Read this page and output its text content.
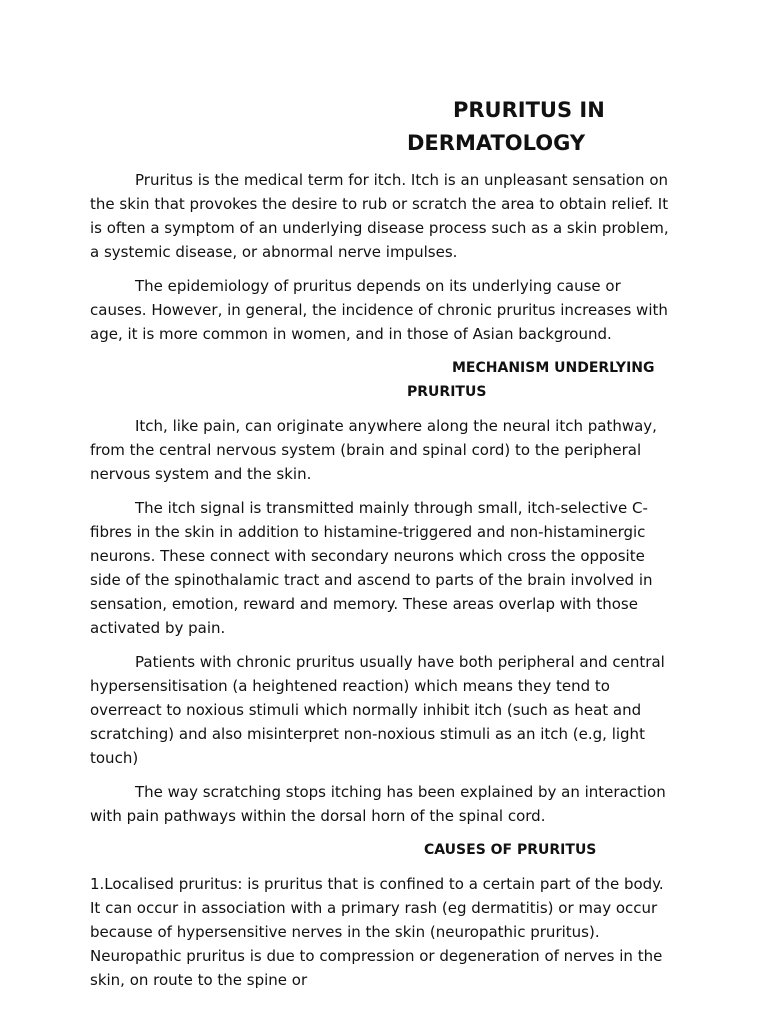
PRURITUS IN
DERMATOLOGY

Pruritus is the medical term for itch. Itch is an unpleasant sensation on the skin that provokes the desire to rub or scratch the area to obtain relief. It is often a symptom of an underlying disease process such as a skin problem, a systemic disease, or abnormal nerve impulses.

The epidemiology of pruritus depends on its underlying cause or causes. However, in general, the incidence of chronic pruritus increases with age, it is more common in women, and in those of Asian background.

MECHANISM UNDERLYING
PRURITUS

Itch, like pain, can originate anywhere along the neural itch pathway, from the central nervous system (brain and spinal cord) to the peripheral nervous system and the skin.

The itch signal is transmitted mainly through small, itch-selective C-fibres in the skin in addition to histamine-triggered and non-histaminergic neurons. These connect with secondary neurons which cross the opposite side of the spinothalamic tract and ascend to parts of the brain involved in sensation, emotion, reward and memory. These areas overlap with those activated by pain.

Patients with chronic pruritus usually have both peripheral and central hypersensitisation (a heightened reaction) which means they tend to overreact to noxious stimuli which normally inhibit itch (such as heat and scratching) and also misinterpret non-noxious stimuli as an itch (e.g, light touch)

The way scratching stops itching has been explained by an interaction with pain pathways within the dorsal horn of the spinal cord.

CAUSES OF PRURITUS

1.Localised pruritus: is pruritus that is confined to a certain part of the body. It can occur in association with a primary rash (eg dermatitis) or may occur because of hypersensitive nerves in the skin (neuropathic pruritus). Neuropathic pruritus is due to compression or degeneration of nerves in the skin, on route to the spine or
